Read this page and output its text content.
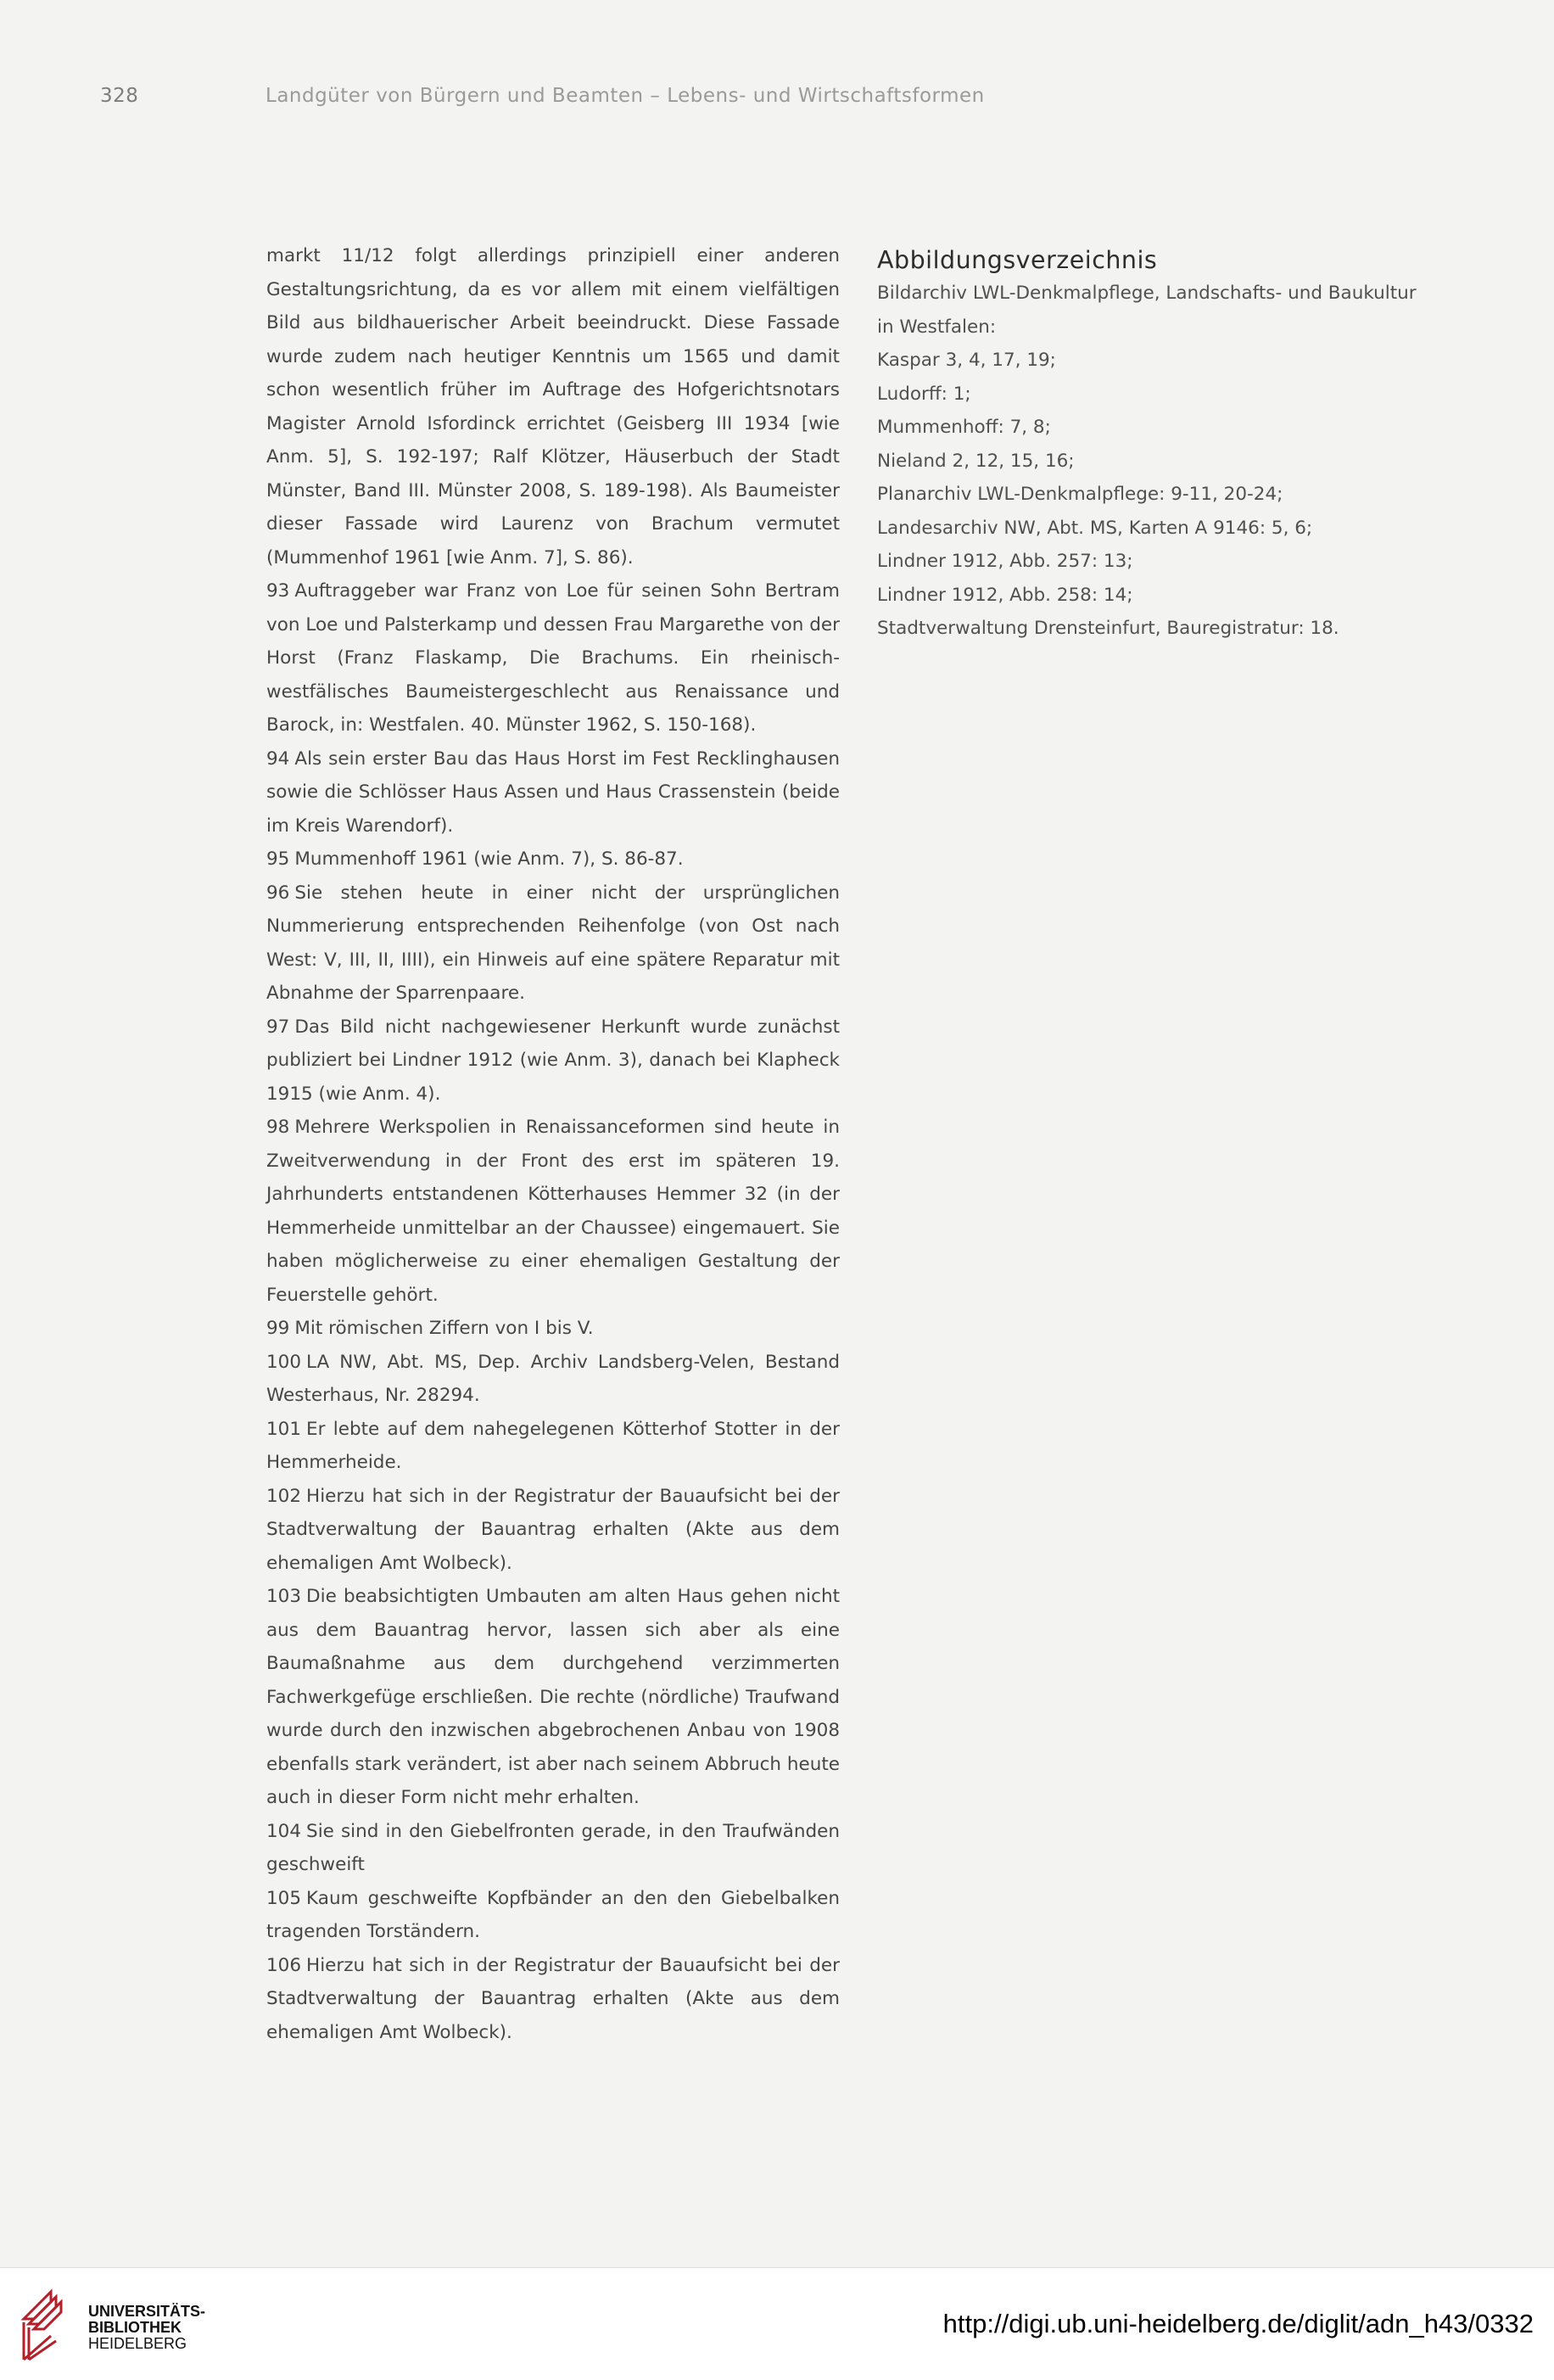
328	Landgüter von Bürgern und Beamten – Lebens- und Wirtschaftsformen

markt 11/12 folgt allerdings prinzipiell einer anderen Gestaltungsrichtung, da es vor allem mit einem vielfältigen Bild aus bildhauerischer Arbeit beeindruckt. Diese Fassade wurde zudem nach heutiger Kenntnis um 1565 und damit schon wesentlich früher im Auftrage des Hofgerichtsnotars Magister Arnold Isfordinck errichtet (Geisberg III 1934 [wie Anm. 5], S. 192-197; Ralf Klötzer, Häuserbuch der Stadt Münster, Band III. Münster 2008, S. 189-198). Als Baumeister dieser Fassade wird Laurenz von Brachum vermutet (Mummenhof 1961 [wie Anm. 7], S. 86).

93 Auftraggeber war Franz von Loe für seinen Sohn Bertram von Loe und Palsterkamp und dessen Frau Margarethe von der Horst (Franz Flaskamp, Die Brachums. Ein rheinisch-westfälisches Baumeistergeschlecht aus Renaissance und Barock, in: Westfalen. 40. Münster 1962, S. 150-168).

94 Als sein erster Bau das Haus Horst im Fest Recklinghausen sowie die Schlösser Haus Assen und Haus Crassenstein (beide im Kreis Warendorf).

95 Mummenhoff 1961 (wie Anm. 7), S. 86-87.

96 Sie stehen heute in einer nicht der ursprünglichen Nummerierung entsprechenden Reihenfolge (von Ost nach West: V, III, II, IIII), ein Hinweis auf eine spätere Reparatur mit Abnahme der Sparrenpaare.

97 Das Bild nicht nachgewiesener Herkunft wurde zunächst publiziert bei Lindner 1912 (wie Anm. 3), danach bei Klapheck 1915 (wie Anm. 4).

98 Mehrere Werkspolien in Renaissanceformen sind heute in Zweitverwendung in der Front des erst im späteren 19. Jahrhunderts entstandenen Kötterhauses Hemmer 32 (in der Hemmerheide unmittelbar an der Chaussee) eingemauert. Sie haben möglicherweise zu einer ehemaligen Gestaltung der Feuerstelle gehört.

99 Mit römischen Ziffern von I bis V.

100 LA NW, Abt. MS, Dep. Archiv Landsberg-Velen, Bestand Westerhaus, Nr. 28294.

101 Er lebte auf dem nahegelegenen Kötterhof Stotter in der Hemmerheide.

102 Hierzu hat sich in der Registratur der Bauaufsicht bei der Stadtverwaltung der Bauantrag erhalten (Akte aus dem ehemaligen Amt Wolbeck).

103 Die beabsichtigten Umbauten am alten Haus gehen nicht aus dem Bauantrag hervor, lassen sich aber als eine Baumaßnahme aus dem durchgehend verzimmerten Fachwerkgefüge erschließen. Die rechte (nördliche) Traufwand wurde durch den inzwischen abgebrochenen Anbau von 1908 ebenfalls stark verändert, ist aber nach seinem Abbruch heute auch in dieser Form nicht mehr erhalten.

104 Sie sind in den Giebelfronten gerade, in den Traufwänden geschweift

105 Kaum geschweifte Kopfbänder an den den Giebelbalken tragenden Torständern.

106 Hierzu hat sich in der Registratur der Bauaufsicht bei der Stadtverwaltung der Bauantrag erhalten (Akte aus dem ehemaligen Amt Wolbeck).

Abbildungsverzeichnis
Bildarchiv LWL-Denkmalpflege, Landschafts- und Baukultur
in Westfalen:
Kaspar 3, 4, 17, 19;
Ludorff: 1;
Mummenhoff: 7, 8;
Nieland 2, 12, 15, 16;
Planarchiv LWL-Denkmalpflege: 9-11, 20-24;
Landesarchiv NW, Abt. MS, Karten A 9146: 5, 6;
Lindner 1912, Abb. 257: 13;
Lindner 1912, Abb. 258: 14;
Stadtverwaltung Drensteinfurt, Bauregistratur: 18.
UNIVERSITÄTS-
BIBLIOTHEK
HEIDELBERG
http://digi.ub.uni-heidelberg.de/diglit/adn_h43/0332
